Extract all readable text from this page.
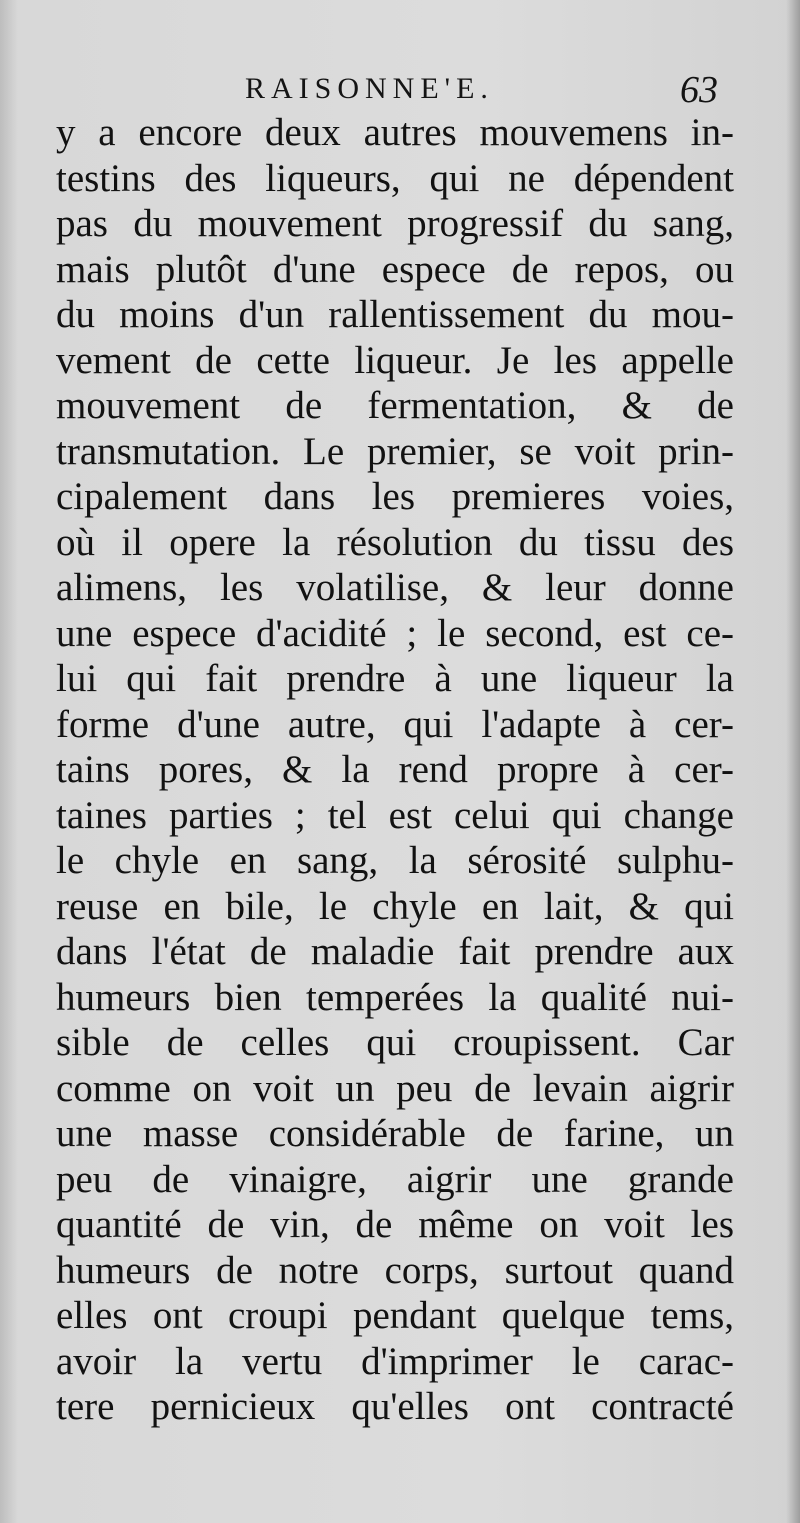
RAISONNE'E.	63
y a encore deux autres mouvemens in-
testins des liqueurs, qui ne dépendent
pas du mouvement progressif du sang,
mais plutôt d'une espece de repos, ou
du moins d'un rallentissement du mou-
vement de cette liqueur. Je les appelle
mouvement de fermentation, & de
transmutation. Le premier, se voit prin-
cipalement dans les premieres voies,
où il opere la résolution du tissu des
alimens, les volatilise, & leur donne
une espece d'acidité ; le second, est ce-
lui qui fait prendre à une liqueur la
forme d'une autre, qui l'adapte à cer-
tains pores, & la rend propre à cer-
taines parties ; tel est celui qui change
le chyle en sang, la sérosité sulphu-
reuse en bile, le chyle en lait, & qui
dans l'état de maladie fait prendre aux
humeurs bien temperées la qualité nui-
sible de celles qui croupissent. Car
comme on voit un peu de levain aigrir
une masse considérable de farine, un
peu de vinaigre, aigrir une grande
quantité de vin, de même on voit les
humeurs de notre corps, surtout quand
elles ont croupi pendant quelque tems,
avoir la vertu d'imprimer le carac-
tere pernicieux qu'elles ont contracté
